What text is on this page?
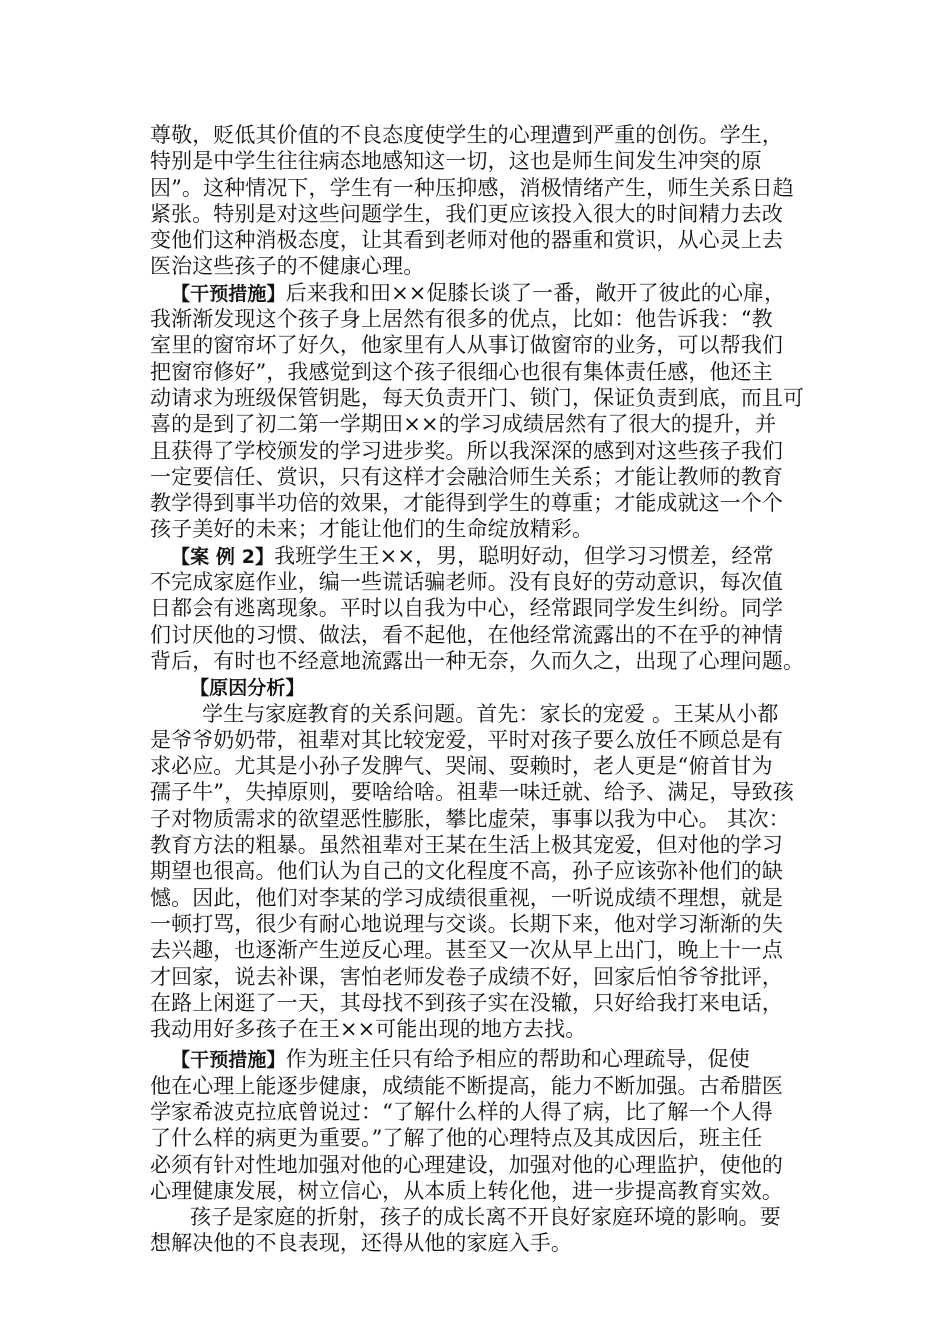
尊敬，贬低其价值的不良态度使学生的心理遭到严重的创伤。学生，
特别是中学生往往病态地感知这一切，这也是师生间发生冲突的原
因”。这种情况下，学生有一种压抑感，消极情绪产生，师生关系日趋
紧张。特别是对这些问题学生，我们更应该投入很大的时间精力去改
变他们这种消极态度，让其看到老师对他的器重和赏识，从心灵上去
医治这些孩子的不健康心理。
【干预措施】后来我和田××促膝长谈了一番，敞开了彼此的心扉，
我渐渐发现这个孩子身上居然有很多的优点，比如：他告诉我：“教
室里的窗帘坏了好久，他家里有人从事订做窗帘的业务，可以帮我们
把窗帘修好”，我感觉到这个孩子很细心也很有集体责任感，他还主
动请求为班级保管钥匙，每天负责开门、锁门，保证负责到底，而且可
喜的是到了初二第一学期田××的学习成绩居然有了很大的提升，并
且获得了学校颁发的学习进步奖。所以我深深的感到对这些孩子我们
一定要信任、赏识，只有这样才会融洽师生关系；才能让教师的教育
教学得到事半功倍的效果，才能得到学生的尊重；才能成就这一个个
孩子美好的未来；才能让他们的生命绽放精彩。
【案 例 2】我班学生王××，男，聪明好动，但学习习惯差，经常
不完成家庭作业，编一些谎话骗老师。没有良好的劳动意识，每次值
日都会有逃离现象。平时以自我为中心，经常跟同学发生纠纷。同学
们讨厌他的习惯、做法，看不起他，在他经常流露出的不在乎的神情
背后，有时也不经意地流露出一种无奈，久而久之，出现了心理问题。
【原因分析】
学生与家庭教育的关系问题。首先：家长的宠爱 。王某从小都
是爷爷奶奶带，祖辈对其比较宠爱，平时对孩子要么放任不顾总是有
求必应。尤其是小孙子发脾气、哭闹、耍赖时，老人更是“俯首甘为
孺子牛”，失掉原则，要啥给啥。祖辈一味迁就、给予、满足，导致孩
子对物质需求的欲望恶性膨胀，攀比虚荣，事事以我为中心。 其次：
教育方法的粗暴。虽然祖辈对王某在生活上极其宠爱，但对他的学习
期望也很高。他们认为自己的文化程度不高，孙子应该弥补他们的缺
憾。因此，他们对李某的学习成绩很重视，一听说成绩不理想，就是
一顿打骂，很少有耐心地说理与交谈。长期下来，他对学习渐渐的失
去兴趣，也逐渐产生逆反心理。甚至又一次从早上出门，晚上十一点
才回家，说去补课，害怕老师发卷子成绩不好，回家后怕爷爷批评，
在路上闲逛了一天，其母找不到孩子实在没辙，只好给我打来电话，
我动用好多孩子在王××可能出现的地方去找。
【干预措施】作为班主任只有给予相应的帮助和心理疏导，促使
他在心理上能逐步健康，成绩能不断提高，能力不断加强。古希腊医
学家希波克拉底曾说过：“了解什么样的人得了病，比了解一个人得
了什么样的病更为重要。”了解了他的心理特点及其成因后，班主任
必须有针对性地加强对他的心理建设，加强对他的心理监护，使他的
心理健康发展，树立信心，从本质上转化他，进一步提高教育实效。
孩子是家庭的折射，孩子的成长离不开良好家庭环境的影响。要
想解决他的不良表现，还得从他的家庭入手。
